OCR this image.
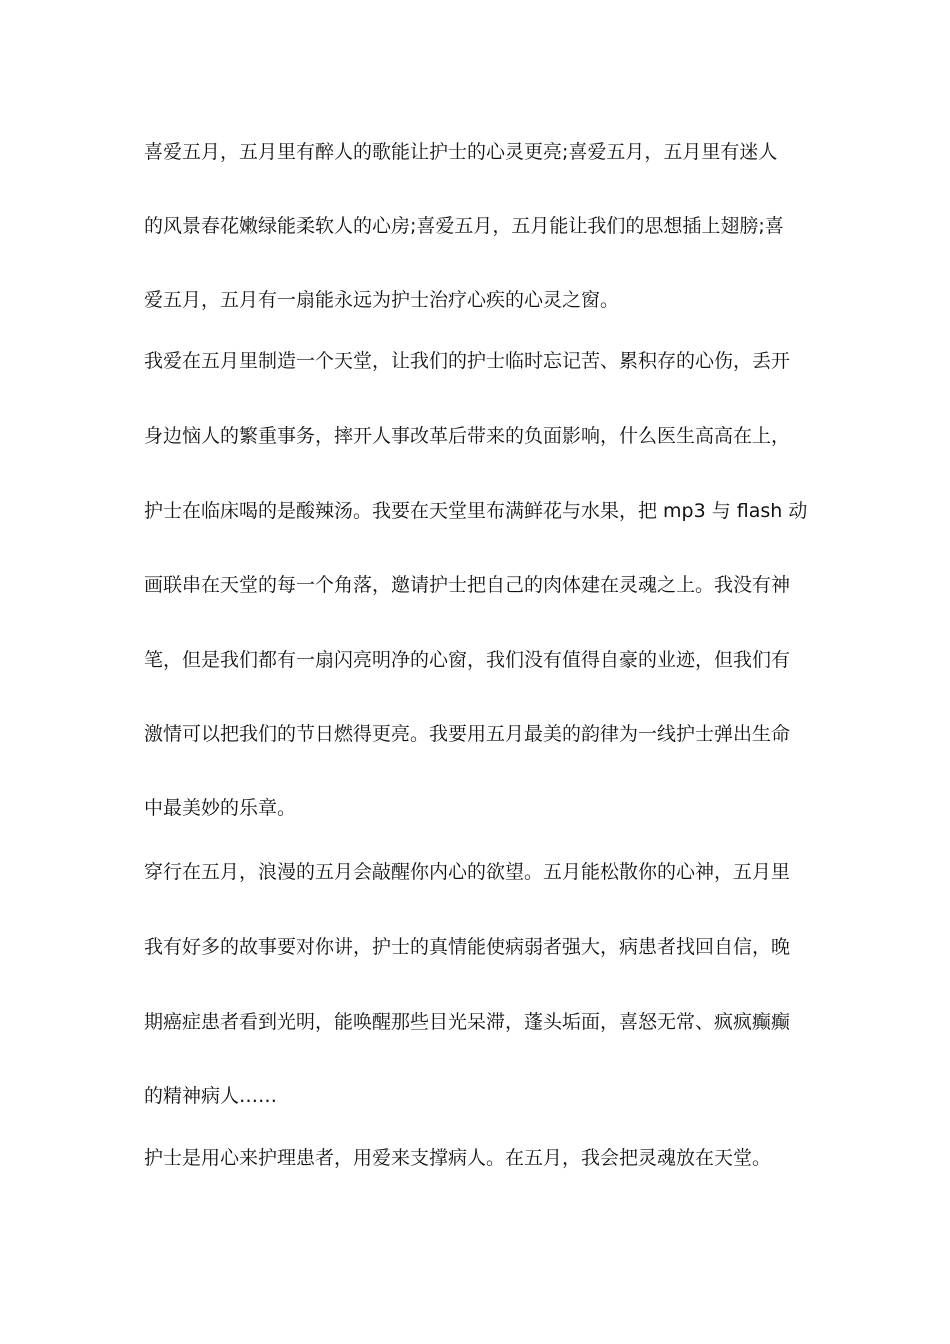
喜爱五月，五月里有醉人的歌能让护士的心灵更亮;喜爱五月，五月里有迷人
的风景春花嫩绿能柔软人的心房;喜爱五月，五月能让我们的思想插上翅膀;喜
爱五月，五月有一扇能永远为护士治疗心疾的心灵之窗。
我爱在五月里制造一个天堂，让我们的护士临时忘记苦、累积存的心伤，丢开
身边恼人的繁重事务，摔开人事改革后带来的负面影响，什么医生高高在上，
护士在临床喝的是酸辣汤。我要在天堂里布满鲜花与水果，把 mp3 与 flash 动
画联串在天堂的每一个角落，邀请护士把自己的肉体建在灵魂之上。我没有神
笔，但是我们都有一扇闪亮明净的心窗，我们没有值得自豪的业迹，但我们有
激情可以把我们的节日燃得更亮。我要用五月最美的韵律为一线护士弹出生命
中最美妙的乐章。
穿行在五月，浪漫的五月会敲醒你内心的欲望。五月能松散你的心神，五月里
我有好多的故事要对你讲，护士的真情能使病弱者强大，病患者找回自信，晚
期癌症患者看到光明，能唤醒那些目光呆滞，蓬头垢面，喜怒无常、疯疯癫癫
的精神病人……
护士是用心来护理患者，用爱来支撑病人。在五月，我会把灵魂放在天堂。
